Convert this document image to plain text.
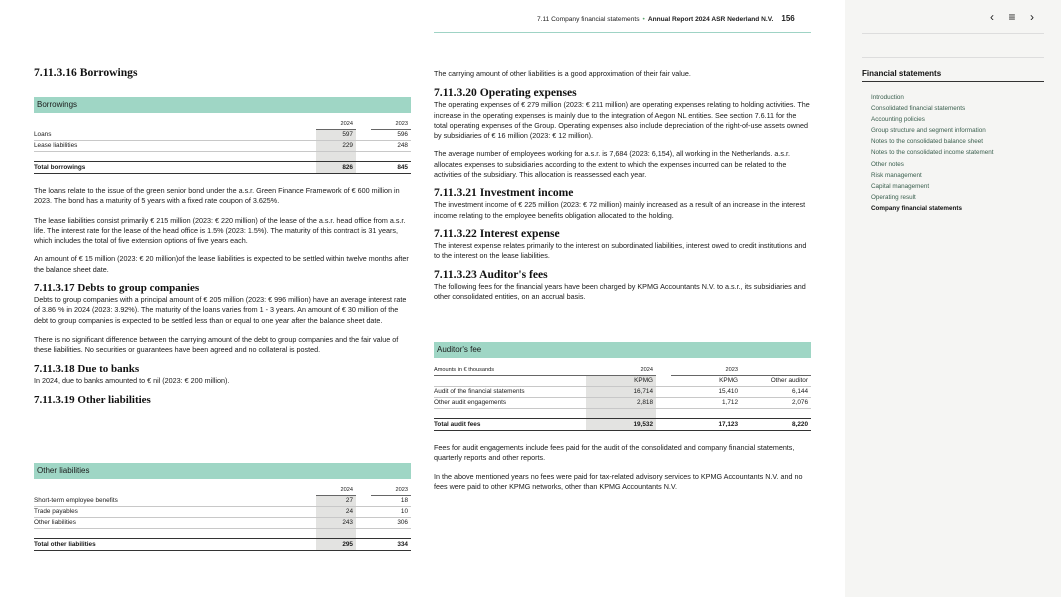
7.11 Company financial statements • Annual Report 2024 ASR Nederland N.V. 156
7.11.3.16 Borrowings
Borrowings
		2024		2023
Loans		597		596
Lease liabilities		229		248

Total borrowings		826		845

The loans relate to the issue of the green senior bond under the a.s.r. Green Finance Framework of € 600 million in 2023. The bond has a maturity of 5 years with a fixed rate coupon of 3.625%.

The lease liabilities consist primarily € 215 million (2023: € 220 million) of the lease of the a.s.r. head office from a.s.r. life. The interest rate for the lease of the head office is 1.5% (2023: 1.5%). The maturity of this contract is 31 years, which includes the total of five extension options of five years each.

An amount of € 15 million (2023: € 20 million)of the lease liabilities is expected to be settled within twelve months after the balance sheet date.

7.11.3.17 Debts to group companies

Debts to group companies with a principal amount of € 205 million (2023: € 996 million) have an average interest rate of 3.86 % in 2024 (2023: 3.92%). The maturity of the loans varies from 1 - 3 years. An amount of € 30 million of the debt to group companies is expected to be settled less than or equal to one year after the balance sheet date.

There is no significant difference between the carrying amount of the debt to group companies and the fair value of these liabilities. No securities or guarantees have been agreed and no collateral is posted.

7.11.3.18 Due to banks

In 2024, due to banks amounted to € nil (2023: € 200 million).

7.11.3.19 Other liabilities
Other liabilities
		2024		2023
Short-term employee benefits		27		18
Trade payables		24		10
Other liabilities		243		306

Total other liabilities		295		334

The carrying amount of other liabilities is a good approximation of their fair value.

7.11.3.20 Operating expenses

The operating expenses of € 279 million (2023: € 211 million) are operating expenses relating to holding activities. The increase in the operating expenses is mainly due to the integration of Aegon NL entities. See section 7.6.11 for the total operating expenses of the Group. Operating expenses also include depreciation of the right-of-use assets owned by subsidiaries of € 16 million (2023: € 12 million).

The average number of employees working for a.s.r. is 7,684 (2023: 6,154), all working in the Netherlands. a.s.r. allocates expenses to subsidiaries according to the extent to which the expenses incurred can be related to the activities of the subsidiary. This allocation is reassessed each year.

7.11.3.21 Investment income

The investment income of € 225 million (2023: € 72 million) mainly increased as a result of an increase in the interest income relating to the employee benefits obligation allocated to the holding.

7.11.3.22 Interest expense

The interest expense relates primarily to the interest on subordinated liabilities, interest owed to credit institutions and to the interest on the lease liabilities.

7.11.3.23 Auditor's fees

The following fees for the financial years have been charged by KPMG Accountants N.V. to a.s.r., its subsidiaries and other consolidated entities, on an accrual basis.

Auditor's fee
Amounts in € thousands	2024		2023	
	KPMG		KPMG	Other auditor
Audit of the financial statements	16,714		15,410	6,144
Other audit engagements	2,818		1,712	2,076

Total audit fees	19,532		17,123	8,220

Fees for audit engagements include fees paid for the audit of the consolidated and company financial statements, quarterly reports and other reports.

In the above mentioned years no fees were paid for tax-related advisory services to KPMG Accountants N.V. and no fees were paid to other KPMG networks, other than KPMG Accountants N.V.

‹ ≡ ›
Financial statements
Introduction
Consolidated financial statements
Accounting policies
Group structure and segment information
Notes to the consolidated balance sheet
Notes to the consolidated income statement
Other notes
Risk management
Capital management
Operating result
Company financial statements
